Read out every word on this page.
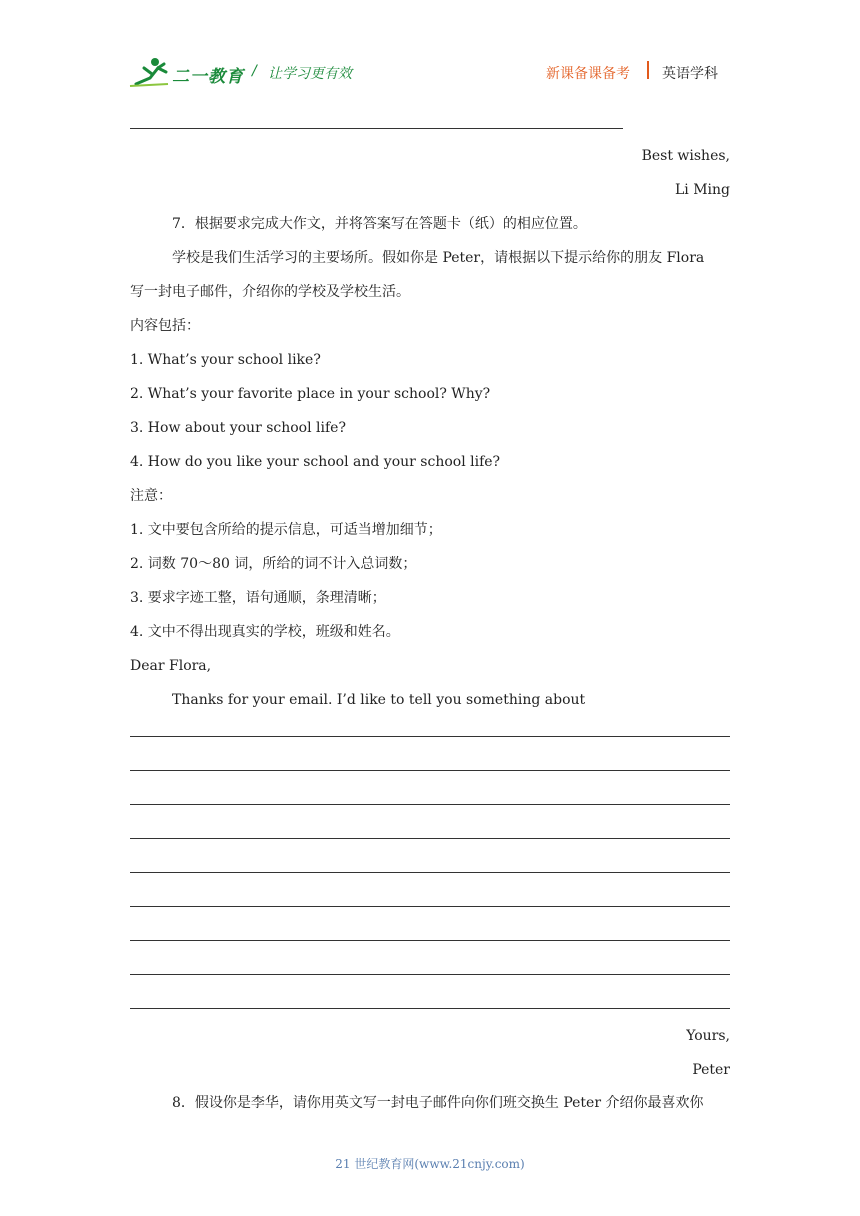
二一教育 / 让学习更有效	新课备课备考 英语学科
Best wishes,
Li Ming
7．根据要求完成大作文，并将答案写在答题卡（纸）的相应位置。
学校是我们生活学习的主要场所。假如你是 Peter，请根据以下提示给你的朋友 Flora
写一封电子邮件，介绍你的学校及学校生活。
内容包括：
1. What’s your school like?
2. What’s your favorite place in your school? Why?
3. How about your school life?
4. How do you like your school and your school life?
注意：
1. 文中要包含所给的提示信息，可适当增加细节；
2. 词数 70～80 词，所给的词不计入总词数；
3. 要求字迹工整，语句通顺，条理清晰；
4. 文中不得出现真实的学校，班级和姓名。
Dear Flora,
Thanks for your email. I’d like to tell you something about
Yours,
Peter
8．假设你是李华，请你用英文写一封电子邮件向你们班交换生 Peter 介绍你最喜欢你
21 世纪教育网(www.21cnjy.com)
